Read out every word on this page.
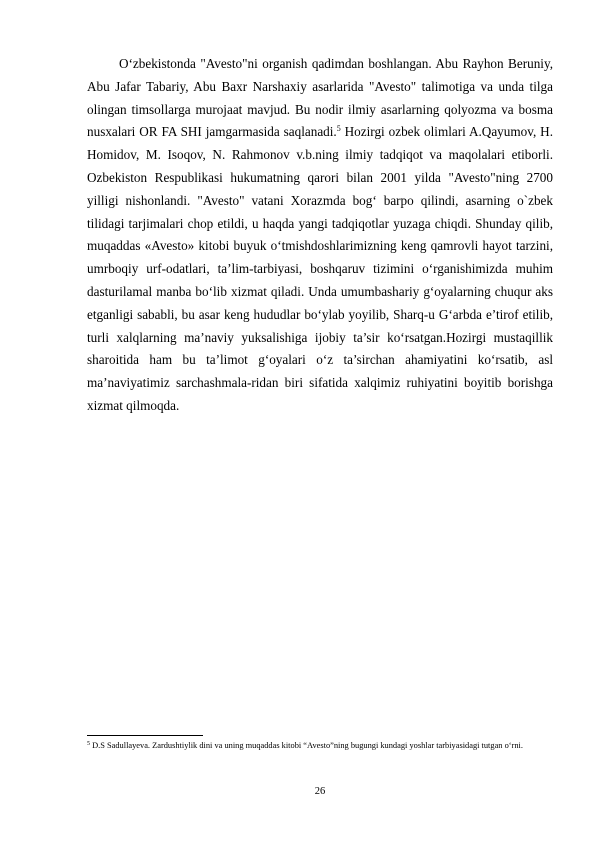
O‘zbekistonda "Avesto"ni organish qadimdan boshlangan. Abu Rayhon Beruniy, Abu Jafar Tabariy, Abu Baxr Narshaxiy asarlarida "Avesto" talimotiga va unda tilga olingan timsollarga murojaat mavjud. Bu nodir ilmiy asarlarning qolyozma va bosma nusxalari OR FA SHI jamgarmasida saqlanadi.$^5$ Hozirgi ozbek olimlari A.Qayumov, H. Homidov, M. Isoqov, N. Rahmonov v.b.ning ilmiy tadqiqot va maqolalari etiborli. Ozbekiston Respublikasi hukumatning qarori bilan 2001 yilda "Avesto"ning 2700 yilligi nishonlandi. "Avesto" vatani Xorazmda bog‘ barpo qilindi, asarning o`zbek tilidagi tarjimalari chop etildi, u haqda yangi tadqiqotlar yuzaga chiqdi. Shunday qilib, muqaddas «Avesto» kitobi buyuk o‘tmishdoshlarimizning keng qamrovli hayot tarzini, umrboqiy urf-odatlari, ta’lim-tarbiyasi, boshqaruv tizimini o‘rganishimizda muhim dasturilamal manba bo‘lib xizmat qiladi. Unda umumbashariy g‘oyalarning chuqur aks etganligi sababli, bu asar keng hududlar bo‘ylab yoyilib, Sharq-u G‘arbda e’tirof etilib, turli xalqlarning ma’naviy yuksalishiga ijobiy ta’sir ko‘rsatgan.Hozirgi mustaqillik sharoitida ham bu ta’limot g‘oyalari o‘z ta’sirchan ahamiyatini ko‘rsatib, asl ma’naviyatimiz sarchashmala-ridan biri sifatida xalqimiz ruhiyatini boyitib borishga xizmat qilmoqda.

$^5$ D.S Sadullayeva. Zardushtiylik dini va uning muqaddas kitobi “Avesto”ning bugungi kundagi yoshlar tarbiyasidagi tutgan o‘rni.

26
